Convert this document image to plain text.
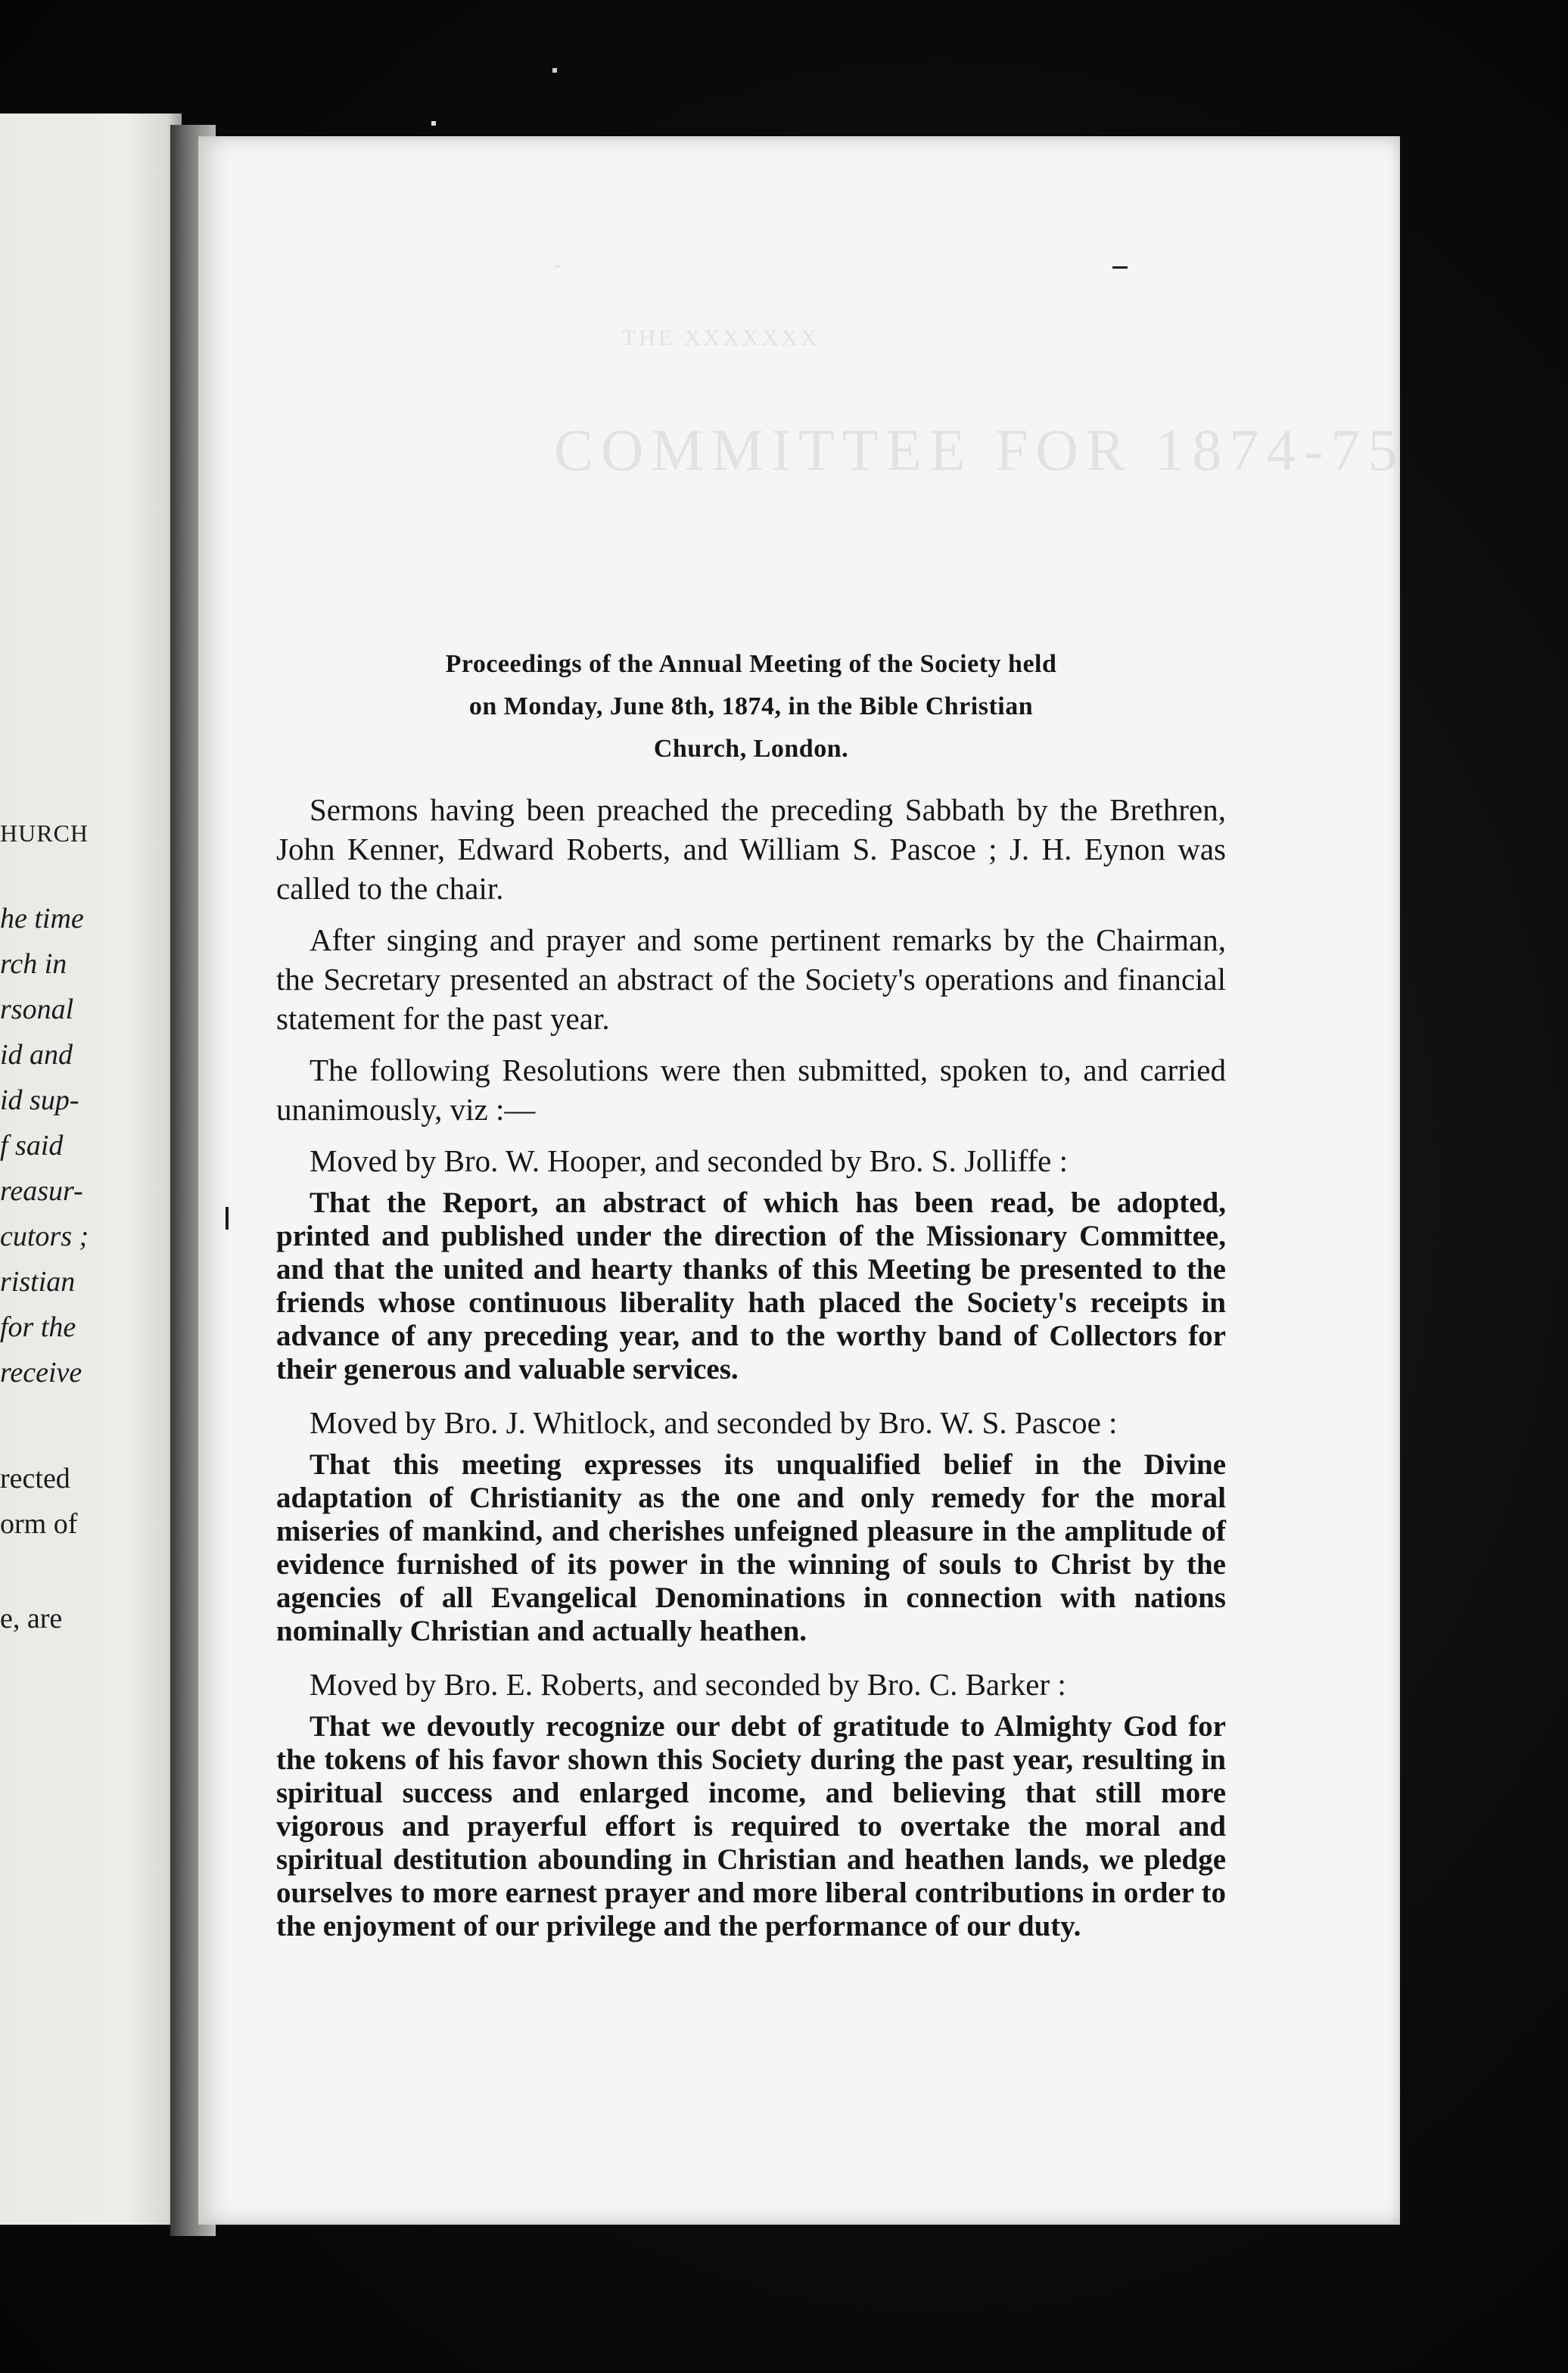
HURCH
he time
rch in
rsonal
id and
id sup-
f said
reasur-
cutors ;
ristian
for the
receive
rected
orm of
e, are
THE XXXXXXX
COMMITTEE FOR 1874-75
Proceedings of the Annual Meeting of the Society held
on Monday, June 8th, 1874, in the Bible Christian
Church, London.

Sermons having been preached the preceding Sabbath by the Brethren, John Kenner, Edward Roberts, and William S. Pascoe ; J. H. Eynon was called to the chair.

After singing and prayer and some pertinent remarks by the Chairman, the Secretary presented an abstract of the Society's operations and financial statement for the past year.

The following Resolutions were then submitted, spoken to, and carried unanimously, viz :—

Moved by Bro. W. Hooper, and seconded by Bro. S. Jolliffe :

That the Report, an abstract of which has been read, be adopted, printed and published under the direction of the Missionary Committee, and that the united and hearty thanks of this Meeting be presented to the friends whose continuous liberality hath placed the Society's receipts in advance of any preceding year, and to the worthy band of Collectors for their generous and valuable services.

Moved by Bro. J. Whitlock, and seconded by Bro. W. S. Pascoe :

That this meeting expresses its unqualified belief in the Divine adaptation of Christianity as the one and only remedy for the moral miseries of mankind, and cherishes unfeigned pleasure in the amplitude of evidence furnished of its power in the winning of souls to Christ by the agencies of all Evangelical Denominations in connection with nations nominally Christian and actually heathen.

Moved by Bro. E. Roberts, and seconded by Bro. C. Barker :

That we devoutly recognize our debt of gratitude to Almighty God for the tokens of his favor shown this Society during the past year, resulting in spiritual success and enlarged income, and believing that still more vigorous and prayerful effort is required to overtake the moral and spiritual destitution abounding in Christian and heathen lands, we pledge ourselves to more earnest prayer and more liberal contributions in order to the enjoyment of our privilege and the performance of our duty.
